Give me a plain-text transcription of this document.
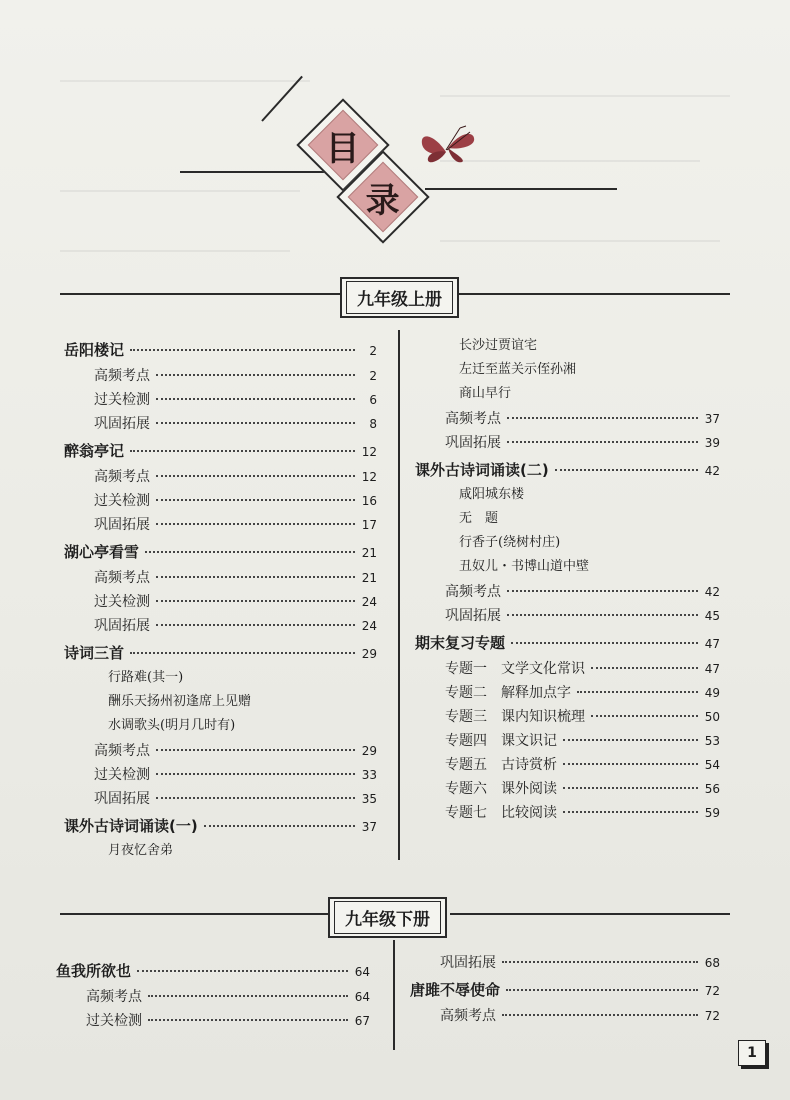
目
录
九年级上册
岳阳楼记	2
高频考点	2
过关检测	6
巩固拓展	8
醉翁亭记	12
高频考点	12
过关检测	16
巩固拓展	17
湖心亭看雪	21
高频考点	21
过关检测	24
巩固拓展	24
诗词三首	29
行路难(其一)
酬乐天扬州初逢席上见赠
水调歌头(明月几时有)
高频考点	29
过关检测	33
巩固拓展	35
课外古诗词诵读(一)	37
月夜忆舍弟
长沙过贾谊宅
左迁至蓝关示侄孙湘
商山早行
高频考点	37
巩固拓展	39
课外古诗词诵读(二)	42
咸阳城东楼
无　题
行香子(绕树村庄)
丑奴儿・书博山道中壁
高频考点	42
巩固拓展	45
期末复习专题	47
专题一　文学文化常识	47
专题二　解释加点字	49
专题三　课内知识梳理	50
专题四　课文识记	53
专题五　古诗赏析	54
专题六　课外阅读	56
专题七　比较阅读	59
九年级下册
鱼我所欲也	64
高频考点	64
过关检测	67
巩固拓展	68
唐雎不辱使命	72
高频考点	72
1
